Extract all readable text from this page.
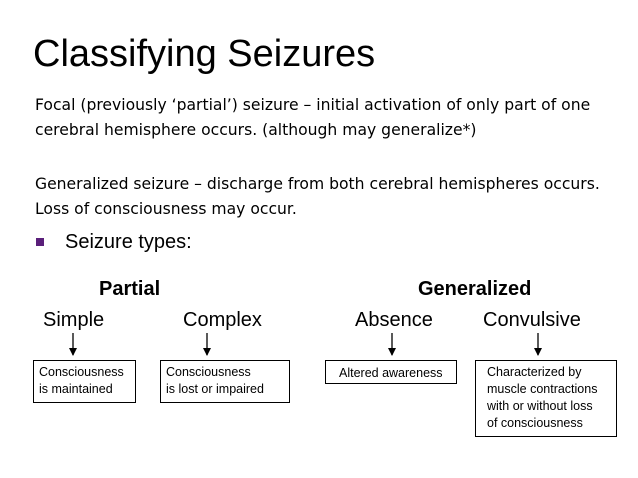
Classifying Seizures

Focal (previously ‘partial’) seizure – initial activation of only part of one cerebral hemisphere occurs. (although may generalize*)

Generalized seizure – discharge from both cerebral hemispheres occurs. Loss of consciousness may occur.

Seizure types:
Partial	Generalized
Simple	Complex	Absence	Convulsive
Consciousness
is maintained
Consciousness
is lost or impaired
Altered awareness	Characterized by
muscle contractions
with or without loss
of consciousness
